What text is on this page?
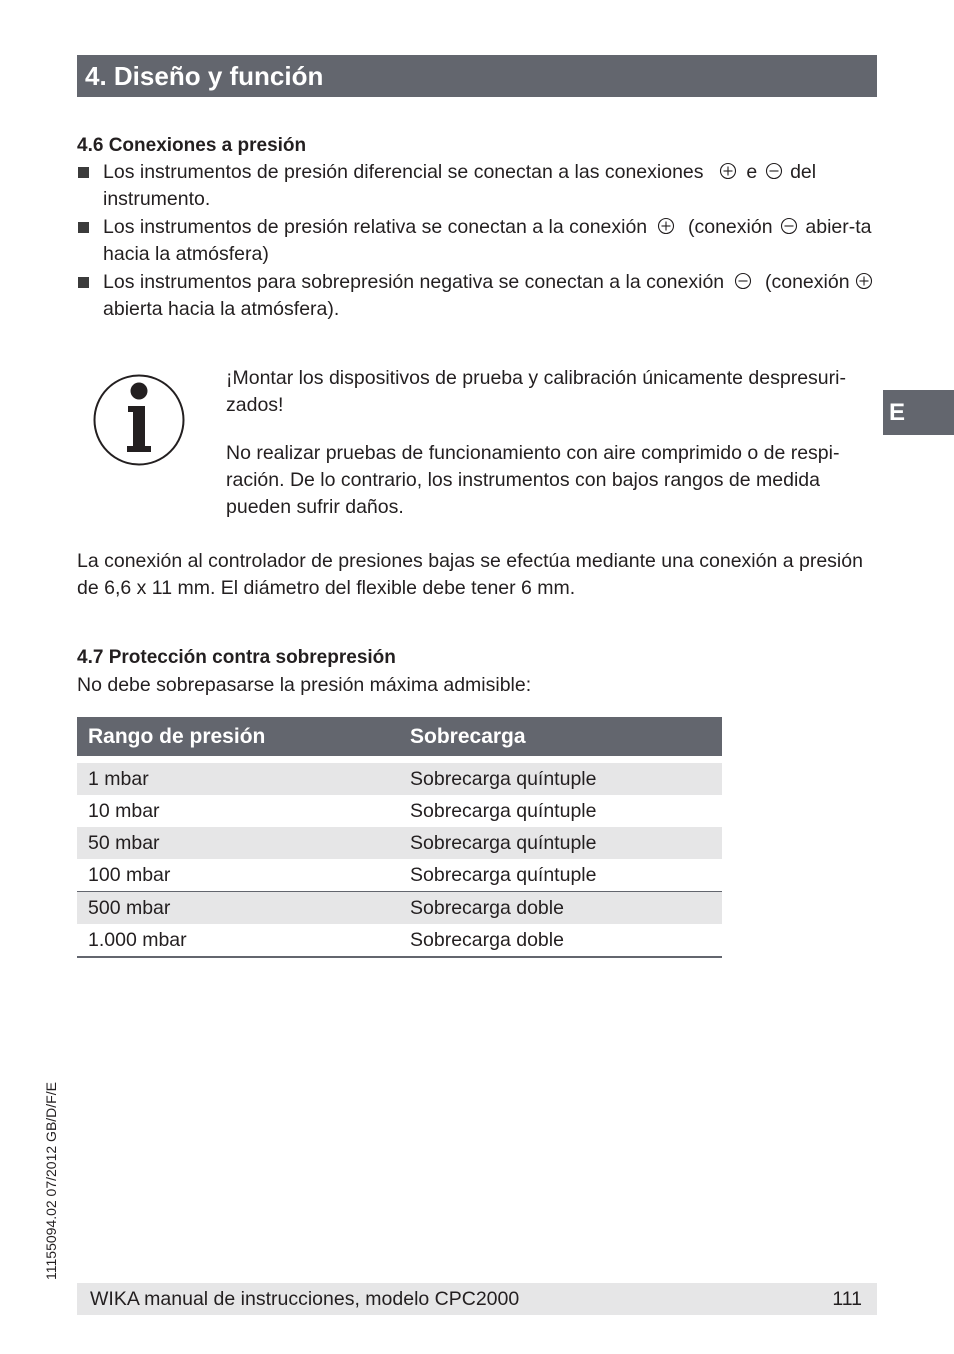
4. Diseño y función
E
4.6 Conexiones a presión
Los instrumentos de presión diferencial se conectan a las conexiones e del instrumento.
Los instrumentos de presión relativa se conectan a la conexión (conexión abier-ta hacia la atmósfera)
Los instrumentos para sobrepresión negativa se conectan a la conexión (conexión  abierta hacia la atmósfera).

¡Montar los dispositivos de prueba y calibración únicamente despresuri-zados!

No realizar pruebas de funcionamiento con aire comprimido o de respi-ración. De lo contrario, los instrumentos con bajos rangos de medida pueden sufrir daños.

La conexión al controlador de presiones bajas se efectúa mediante una conexión a presión de 6,6 x 11 mm. El diámetro del flexible debe tener 6 mm.

4.7 Protección contra sobrepresión

No debe sobrepasarse la presión máxima admisible:

Rango de presión	Sobrecarga
1 mbar	Sobrecarga quíntuple
10 mbar	Sobrecarga quíntuple
50 mbar	Sobrecarga quíntuple
100 mbar	Sobrecarga quíntuple
500 mbar	Sobrecarga doble
1.000 mbar	Sobrecarga doble
11155094.02 07/2012 GB/D/F/E
WIKA manual de instrucciones, modelo CPC2000	111
